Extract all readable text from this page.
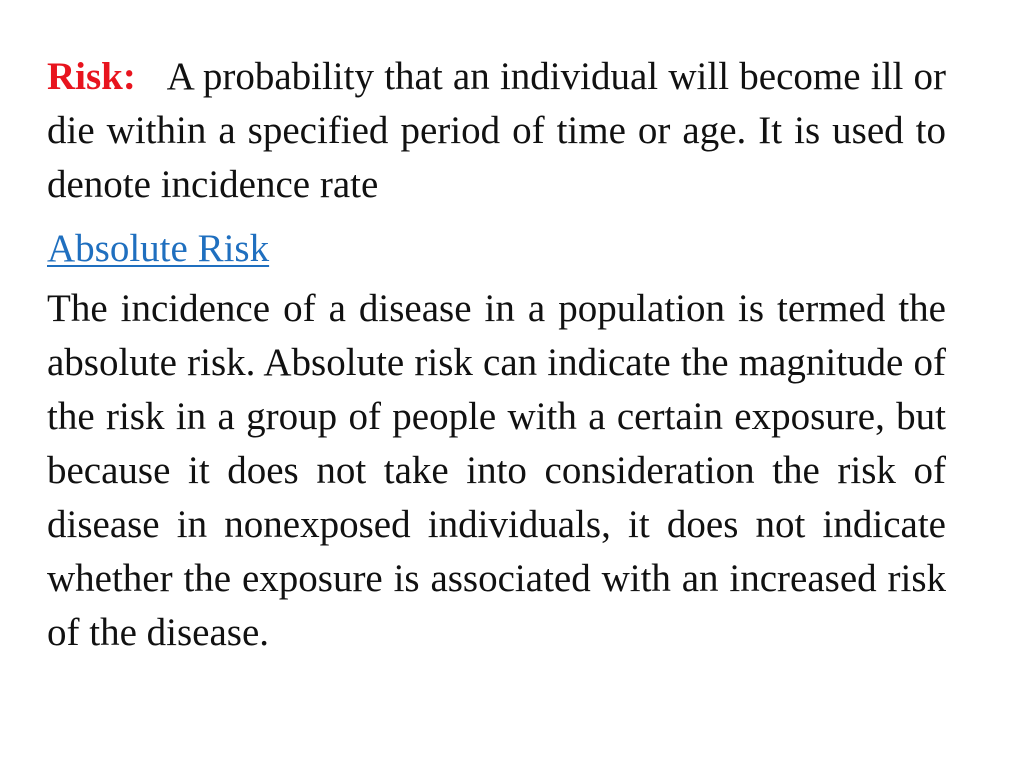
Risk: A probability that an individual will become ill or die within a specified period of time or age. It is used to denote incidence rate

Absolute Risk

The incidence of a disease in a population is termed the absolute risk. Absolute risk can indicate the magnitude of the risk in a group of people with a certain exposure, but because it does not take into consideration the risk of disease in nonexposed individuals, it does not indicate whether the exposure is associated with an increased risk of the disease.
